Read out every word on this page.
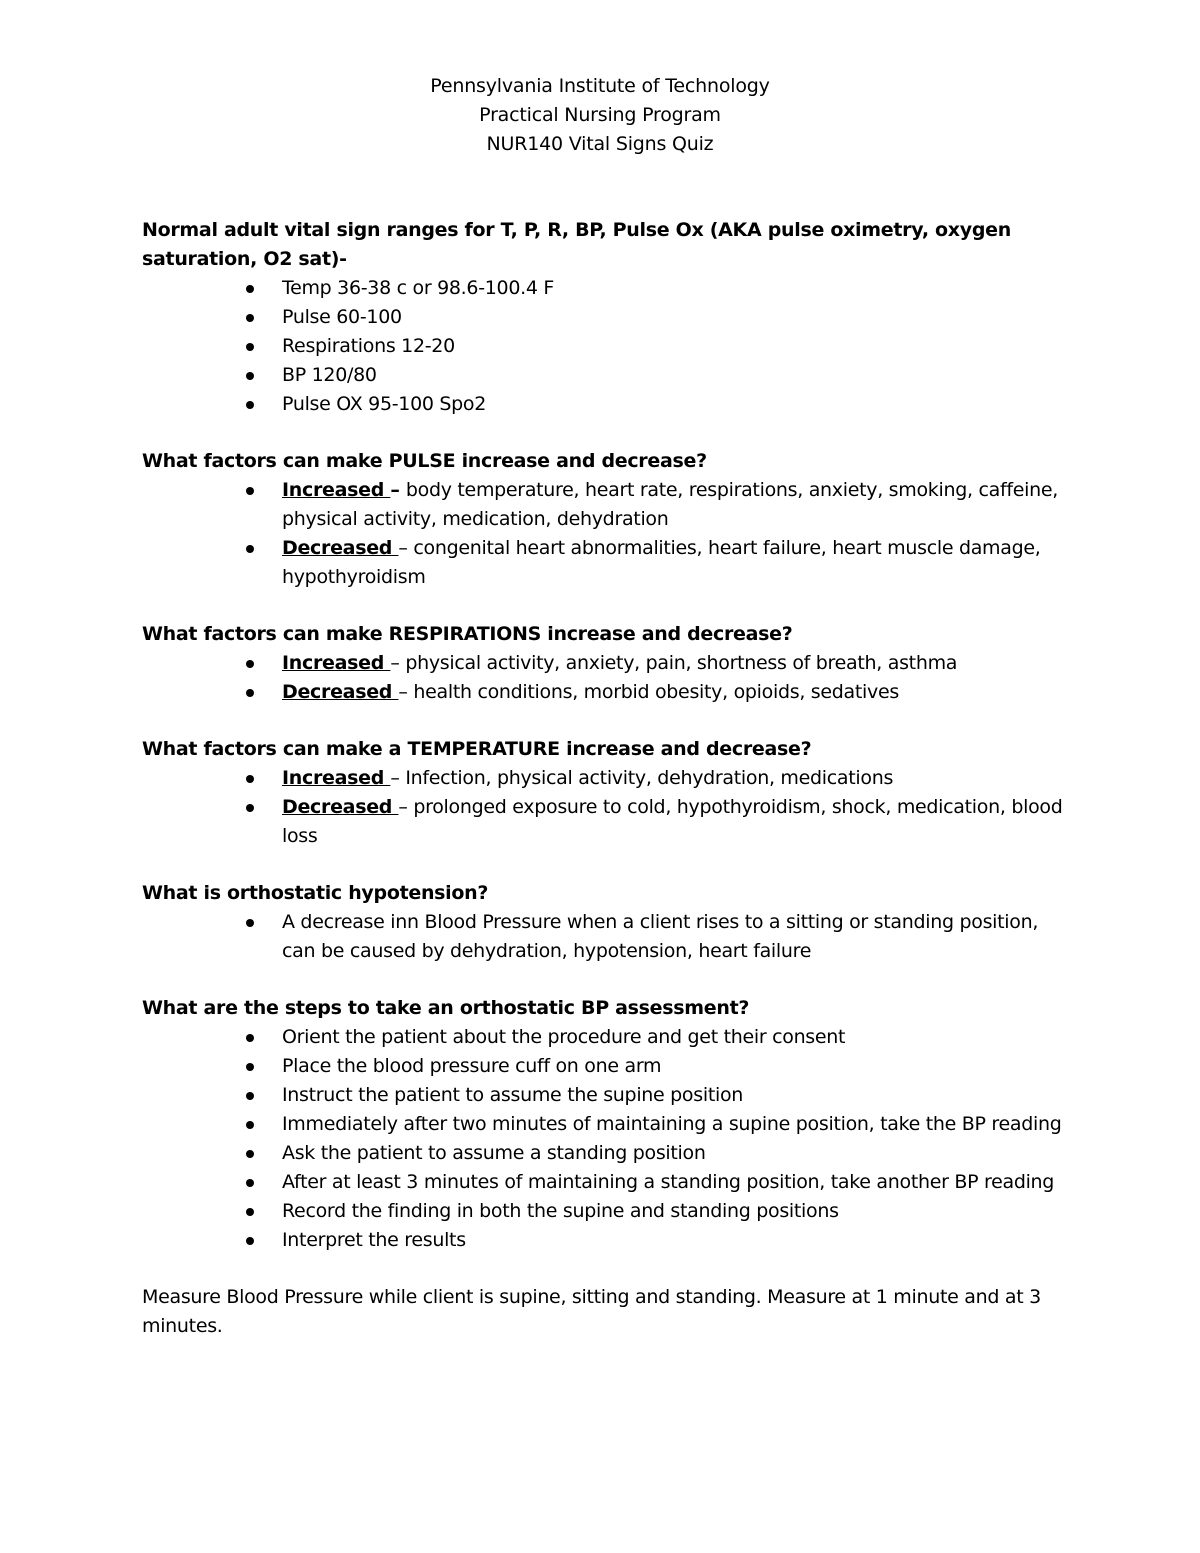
Pennsylvania Institute of Technology
Practical Nursing Program
NUR140 Vital Signs Quiz

Normal adult vital sign ranges for T, P, R, BP, Pulse Ox (AKA pulse oximetry, oxygen saturation, O2 sat)-

Temp 36-38 c or 98.6-100.4 F
Pulse 60-100
Respirations 12-20
BP 120/80
Pulse OX 95-100 Spo2

What factors can make PULSE increase and decrease?

Increased – body temperature, heart rate, respirations, anxiety, smoking, caffeine, physical activity, medication, dehydration
Decreased – congenital heart abnormalities, heart failure, heart muscle damage, hypothyroidism

What factors can make RESPIRATIONS increase and decrease?

Increased – physical activity, anxiety, pain, shortness of breath, asthma
Decreased – health conditions, morbid obesity, opioids, sedatives

What factors can make a TEMPERATURE increase and decrease?

Increased – Infection, physical activity, dehydration, medications
Decreased – prolonged exposure to cold, hypothyroidism, shock, medication, blood loss

What is orthostatic hypotension?

A decrease inn Blood Pressure when a client rises to a sitting or standing position, can be caused by dehydration, hypotension, heart failure

What are the steps to take an orthostatic BP assessment?

Orient the patient about the procedure and get their consent
Place the blood pressure cuff on one arm
Instruct the patient to assume the supine position
Immediately after two minutes of maintaining a supine position, take the BP reading
Ask the patient to assume a standing position
After at least 3 minutes of maintaining a standing position, take another BP reading
Record the finding in both the supine and standing positions
Interpret the results

Measure Blood Pressure while client is supine, sitting and standing. Measure at 1 minute and at 3 minutes.
